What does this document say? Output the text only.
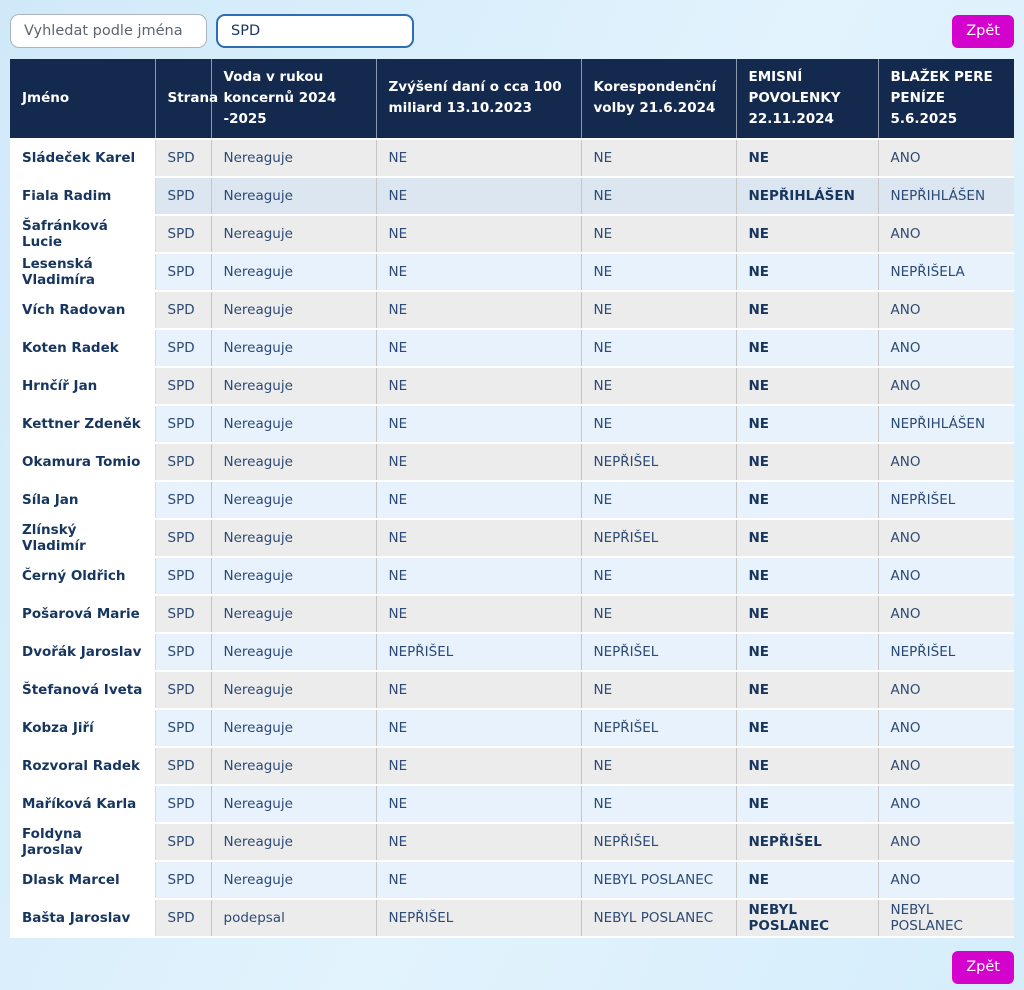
Vyhledat podle jména
SPD
Zpět
Jméno	Strana	Voda v rukou koncernů 2024 -2025	Zvýšení daní o cca 100 miliard 13.10.2023	Korespondenční volby 21.6.2024	EMISNÍ POVOLENKY 22.11.2024	BLAŽEK PERE PENÍZE 5.6.2025
Sládeček Karel	SPD	Nereaguje	NE	NE	NE	ANO
Fiala Radim	SPD	Nereaguje	NE	NE	NEPŘIHLÁŠEN	NEPŘIHLÁŠEN
Šafránková Lucie	SPD	Nereaguje	NE	NE	NE	ANO
Lesenská Vladimíra	SPD	Nereaguje	NE	NE	NE	NEPŘIŠELA
Vích Radovan	SPD	Nereaguje	NE	NE	NE	ANO
Koten Radek	SPD	Nereaguje	NE	NE	NE	ANO
Hrnčíř Jan	SPD	Nereaguje	NE	NE	NE	ANO
Kettner Zdeněk	SPD	Nereaguje	NE	NE	NE	NEPŘIHLÁŠEN
Okamura Tomio	SPD	Nereaguje	NE	NEPŘIŠEL	NE	ANO
Síla Jan	SPD	Nereaguje	NE	NE	NE	NEPŘIŠEL
Zlínský Vladimír	SPD	Nereaguje	NE	NEPŘIŠEL	NE	ANO
Černý Oldřich	SPD	Nereaguje	NE	NE	NE	ANO
Pošarová Marie	SPD	Nereaguje	NE	NE	NE	ANO
Dvořák Jaroslav	SPD	Nereaguje	NEPŘIŠEL	NEPŘIŠEL	NE	NEPŘIŠEL
Štefanová Iveta	SPD	Nereaguje	NE	NE	NE	ANO
Kobza Jiří	SPD	Nereaguje	NE	NEPŘIŠEL	NE	ANO
Rozvoral Radek	SPD	Nereaguje	NE	NE	NE	ANO
Maříková Karla	SPD	Nereaguje	NE	NE	NE	ANO
Foldyna Jaroslav	SPD	Nereaguje	NE	NEPŘIŠEL	NEPŘIŠEL	ANO
Dlask Marcel	SPD	Nereaguje	NE	NEBYL POSLANEC	NE	ANO
Bašta Jaroslav	SPD	podepsal	NEPŘIŠEL	NEBYL POSLANEC	NEBYL POSLANEC	NEBYL POSLANEC
Zpět
